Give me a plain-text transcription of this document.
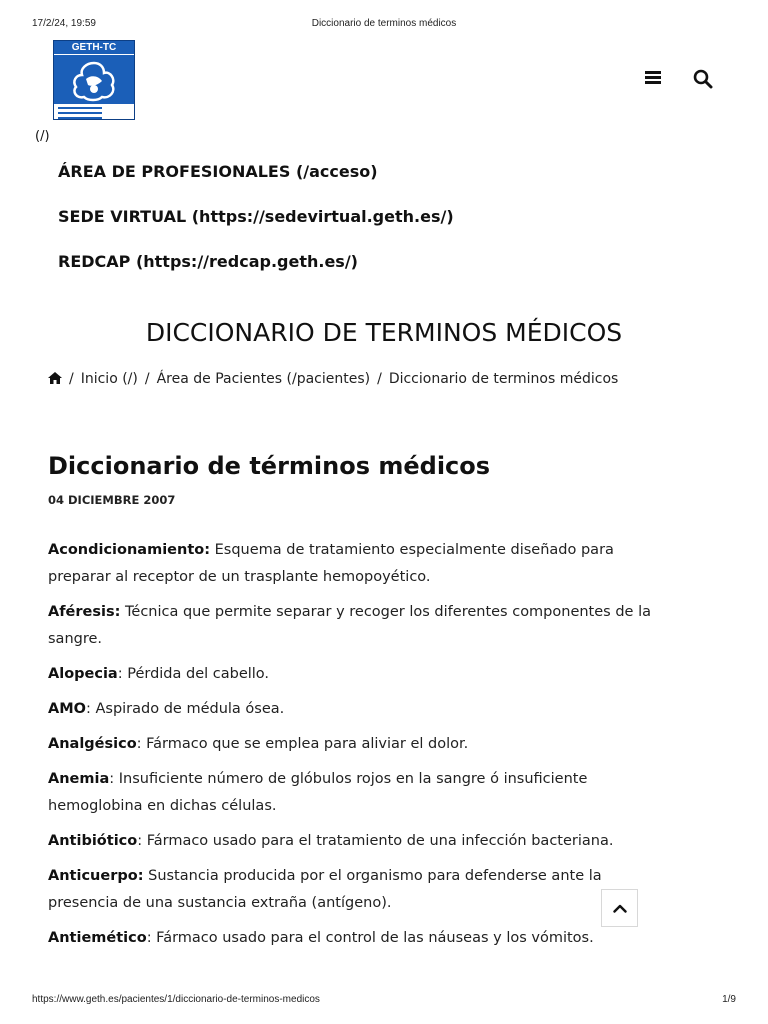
17/2/24, 19:59	Diccionario de terminos médicos
GETH-TC
(/)
ÁREA DE PROFESIONALES (/acceso)
SEDE VIRTUAL (https://sedevirtual.geth.es/)
REDCAP (https://redcap.geth.es/)
DICCIONARIO DE TERMINOS MÉDICOS
/ Inicio (/) / Área de Pacientes (/pacientes) / Diccionario de terminos médicos
Diccionario de términos médicos
04 DICIEMBRE 2007

Acondicionamiento: Esquema de tratamiento especialmente diseñado para preparar al receptor de un trasplante hemopoyético.

Aféresis: Técnica que permite separar y recoger los diferentes componentes de la sangre.

Alopecia: Pérdida del cabello.

AMO: Aspirado de médula ósea.

Analgésico: Fármaco que se emplea para aliviar el dolor.

Anemia: Insuficiente número de glóbulos rojos en la sangre ó insuficiente hemoglobina en dichas células.

Antibiótico: Fármaco usado para el tratamiento de una infección bacteriana.

Anticuerpo: Sustancia producida por el organismo para defenderse ante la presencia de una sustancia extraña (antígeno).

Antiemético: Fármaco usado para el control de las náuseas y los vómitos.

https://www.geth.es/pacientes/1/diccionario-de-terminos-medicos	1/9
